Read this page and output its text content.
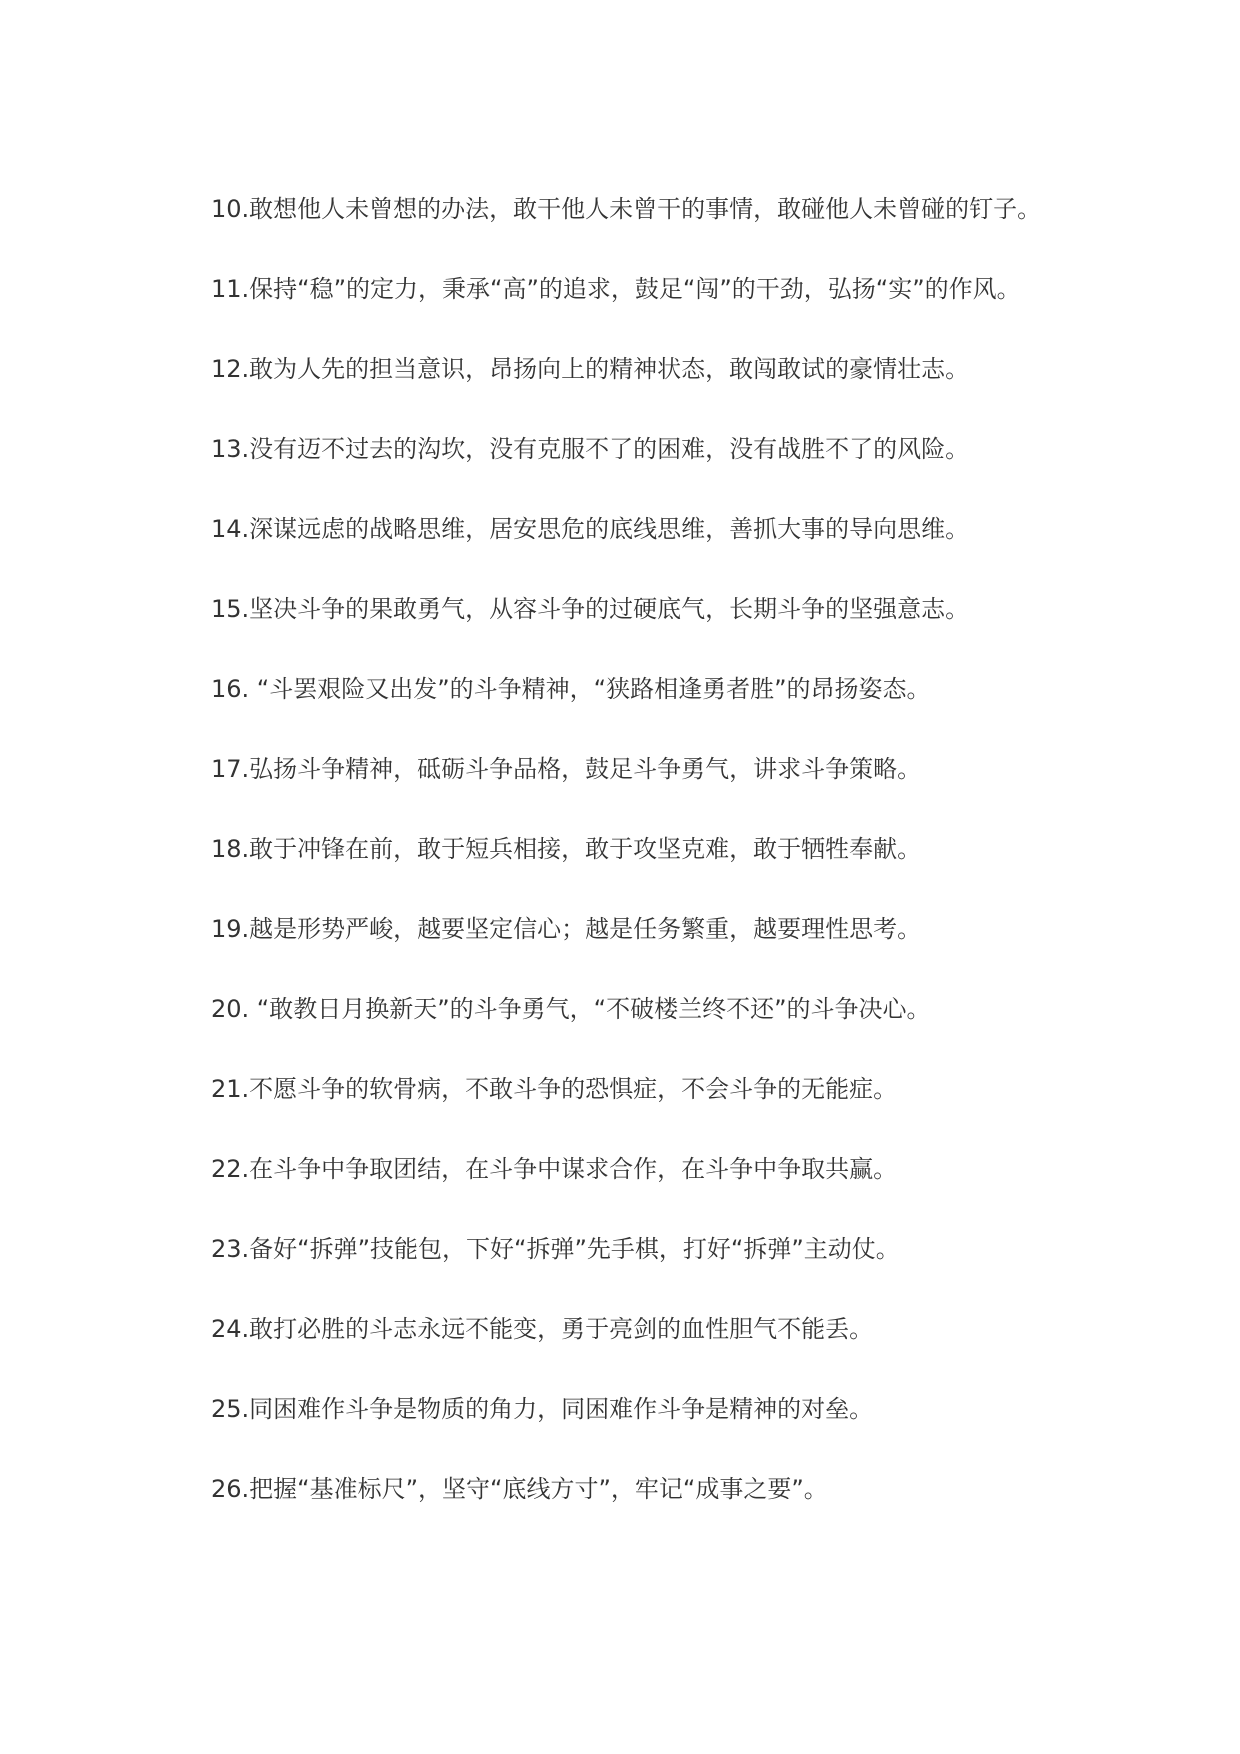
10.敢想他人未曾想的办法，敢干他人未曾干的事情，敢碰他人未曾碰的钉子。

11.保持“稳”的定力，秉承“高”的追求，鼓足“闯”的干劲，弘扬“实”的作风。

12.敢为人先的担当意识，昂扬向上的精神状态，敢闯敢试的豪情壮志。

13.没有迈不过去的沟坎，没有克服不了的困难，没有战胜不了的风险。

14.深谋远虑的战略思维，居安思危的底线思维，善抓大事的导向思维。

15.坚决斗争的果敢勇气，从容斗争的过硬底气，长期斗争的坚强意志。

16. “斗罢艰险又出发”的斗争精神，“狭路相逢勇者胜”的昂扬姿态。

17.弘扬斗争精神，砥砺斗争品格，鼓足斗争勇气，讲求斗争策略。

18.敢于冲锋在前，敢于短兵相接，敢于攻坚克难，敢于牺牲奉献。

19.越是形势严峻，越要坚定信心；越是任务繁重，越要理性思考。

20. “敢教日月换新天”的斗争勇气，“不破楼兰终不还”的斗争决心。

21.不愿斗争的软骨病，不敢斗争的恐惧症，不会斗争的无能症。

22.在斗争中争取团结，在斗争中谋求合作，在斗争中争取共赢。

23.备好“拆弹”技能包，下好“拆弹”先手棋，打好“拆弹”主动仗。

24.敢打必胜的斗志永远不能变，勇于亮剑的血性胆气不能丢。

25.同困难作斗争是物质的角力，同困难作斗争是精神的对垒。

26.把握“基准标尺”，坚守“底线方寸”，牢记“成事之要”。
